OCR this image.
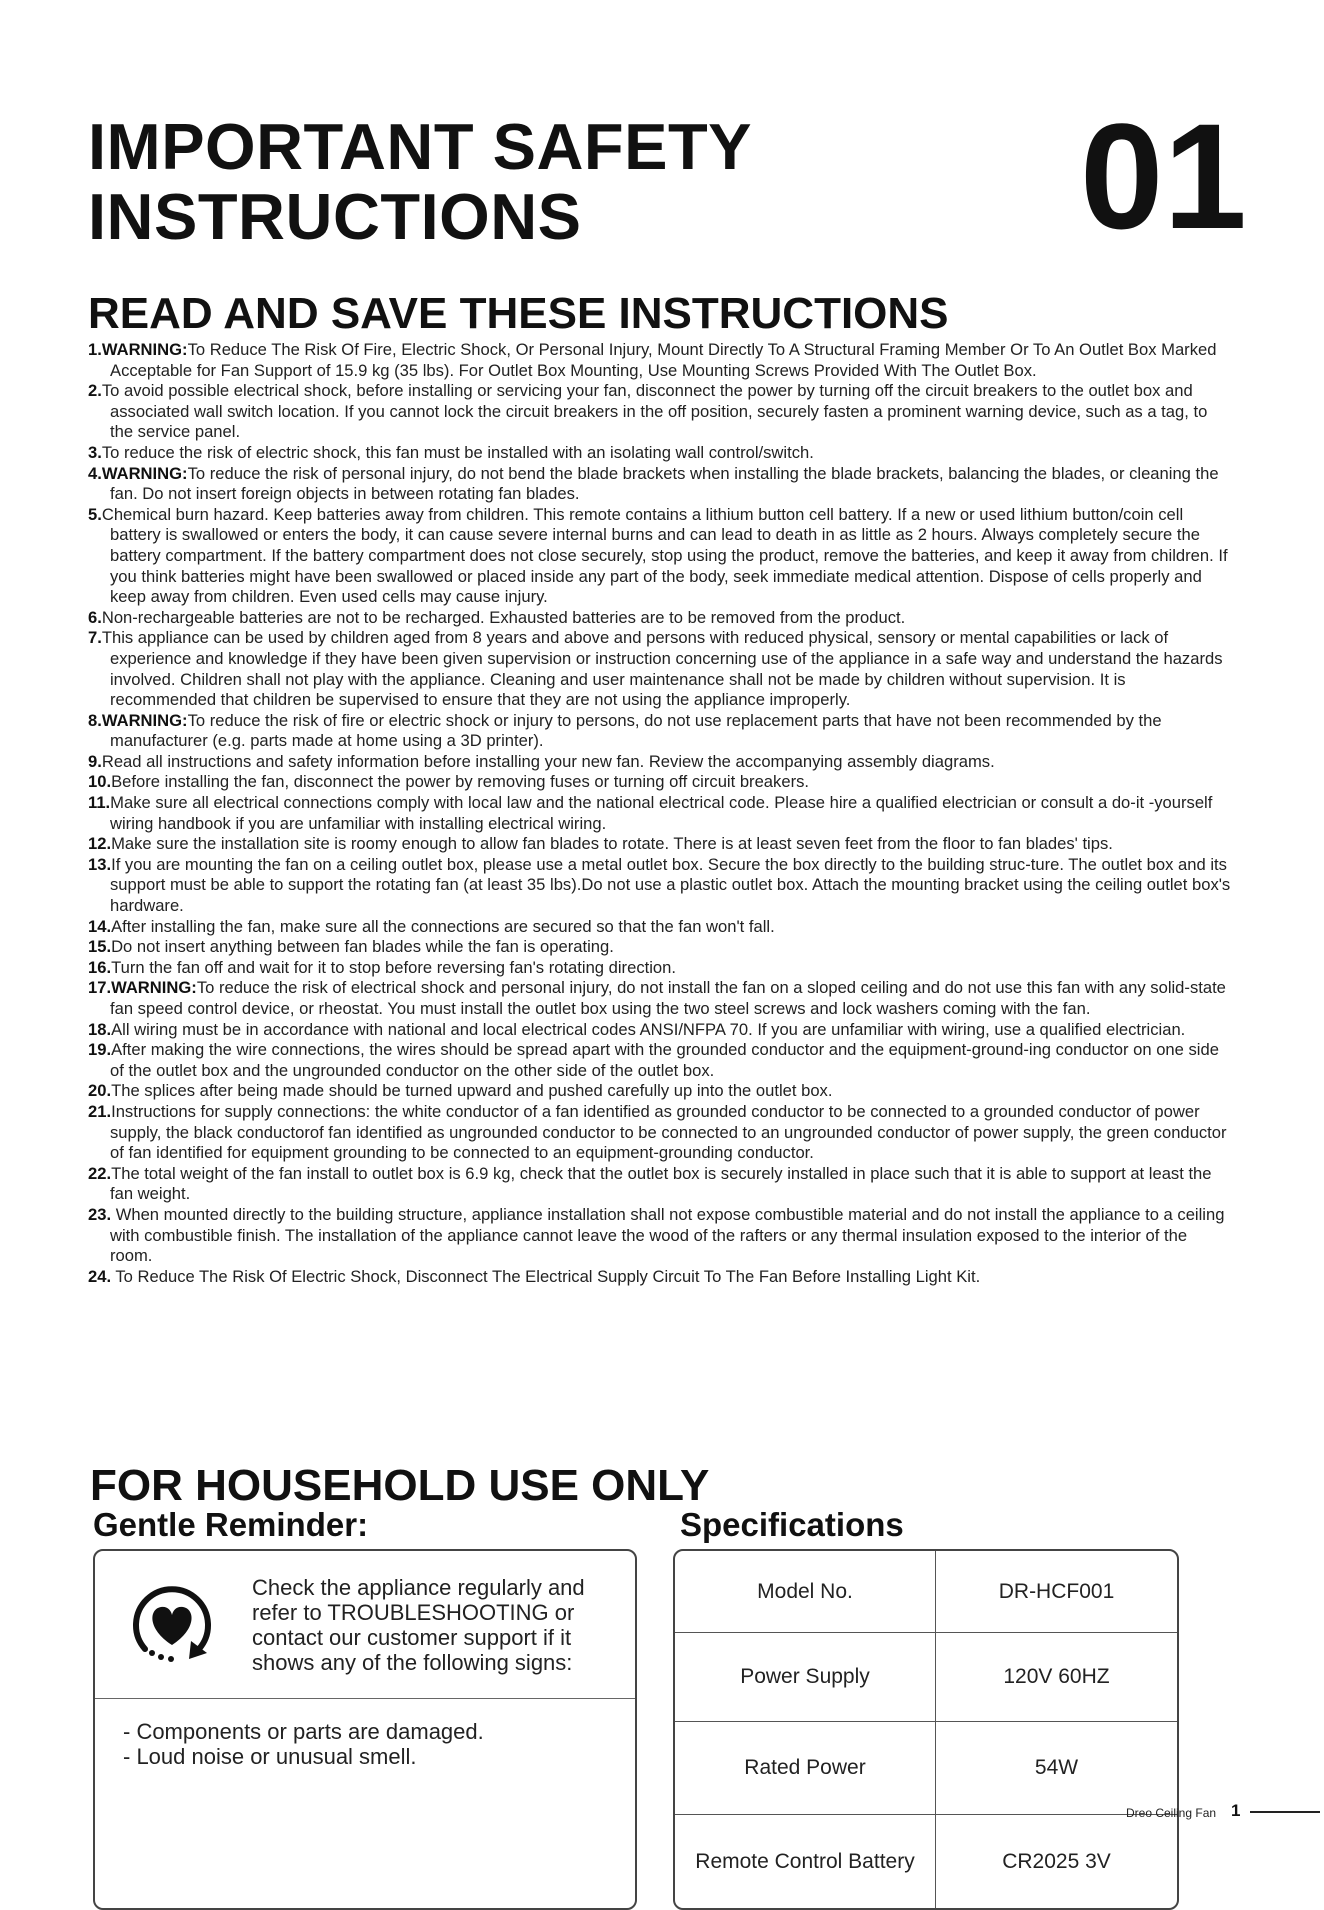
IMPORTANT SAFETY
INSTRUCTIONS	01
READ AND SAVE THESE INSTRUCTIONS
1.WARNING:To Reduce The Risk Of Fire, Electric Shock, Or Personal Injury, Mount Directly To A Structural Framing Member Or To An Outlet Box Marked Acceptable for Fan Support of 15.9 kg (35 lbs). For Outlet Box Mounting, Use Mounting Screws Provided With The Outlet Box.
2.To avoid possible electrical shock, before installing or servicing your fan, disconnect the power by turning off the circuit breakers to the outlet box and associated wall switch location. If you cannot lock the circuit breakers in the off position, securely fasten a prominent warning device, such as a tag, to the service panel.
3.To reduce the risk of electric shock, this fan must be installed with an isolating wall control/switch.
4.WARNING:To reduce the risk of personal injury, do not bend the blade brackets when installing the blade brackets, balancing the blades, or cleaning the fan. Do not insert foreign objects in between rotating fan blades.
5.Chemical burn hazard. Keep batteries away from children. This remote contains a lithium button cell battery. If a new or used lithium button/coin cell battery is swallowed or enters the body, it can cause severe internal burns and can lead to death in as little as 2 hours. Always completely secure the battery compartment. If the battery compartment does not close securely, stop using the product, remove the batteries, and keep it away from children. If you think batteries might have been swallowed or placed inside any part of the body, seek immediate medical attention. Dispose of cells properly and keep away from children. Even used cells may cause injury.
6.Non-rechargeable batteries are not to be recharged. Exhausted batteries are to be removed from the product.
7.This appliance can be used by children aged from 8 years and above and persons with reduced physical, sensory or mental capabilities or lack of experience and knowledge if they have been given supervision or instruction concerning use of the appliance in a safe way and understand the hazards involved. Children shall not play with the appliance. Cleaning and user maintenance shall not be made by children without supervision. It is recommended that children be supervised to ensure that they are not using the appliance improperly.
8.WARNING:To reduce the risk of fire or electric shock or injury to persons, do not use replacement parts that have not been recommended by the manufacturer (e.g. parts made at home using a 3D printer).
9.Read all instructions and safety information before installing your new fan. Review the accompanying assembly diagrams.
10.Before installing the fan, disconnect the power by removing fuses or turning off circuit breakers.
11.Make sure all electrical connections comply with local law and the national electrical code. Please hire a qualified electrician or consult a do-it -yourself wiring handbook if you are unfamiliar with installing electrical wiring.
12.Make sure the installation site is roomy enough to allow fan blades to rotate. There is at least seven feet from the floor to fan blades' tips.
13.If you are mounting the fan on a ceiling outlet box, please use a metal outlet box. Secure the box directly to the building struc-ture. The outlet box and its support must be able to support the rotating fan (at least 35 lbs).Do not use a plastic outlet box. Attach the mounting bracket using the ceiling outlet box's hardware.
14.After installing the fan, make sure all the connections are secured so that the fan won't fall.
15.Do not insert anything between fan blades while the fan is operating.
16.Turn the fan off and wait for it to stop before reversing fan's rotating direction.
17.WARNING:To reduce the risk of electrical shock and personal injury, do not install the fan on a sloped ceiling and do not use this fan with any solid-state fan speed control device, or rheostat. You must install the outlet box using the two steel screws and lock washers coming with the fan.
18.All wiring must be in accordance with national and local electrical codes ANSI/NFPA 70. If you are unfamiliar with wiring, use a qualified electrician.
19.After making the wire connections, the wires should be spread apart with the grounded conductor and the equipment-ground-ing conductor on one side of the outlet box and the ungrounded conductor on the other side of the outlet box.
20.The splices after being made should be turned upward and pushed carefully up into the outlet box.
21.Instructions for supply connections: the white conductor of a fan identified as grounded conductor to be connected to a grounded conductor of power supply, the black conductorof fan identified as ungrounded conductor to be connected to an ungrounded conductor of power supply, the green conductor of fan identified for equipment grounding to be connected to an equipment-grounding conductor.
22.The total weight of the fan install to outlet box is 6.9 kg, check that the outlet box is securely installed in place such that it is able to support at least the fan weight.
23. When mounted directly to the building structure, appliance installation shall not expose combustible material and do not install the appliance to a ceiling with combustible finish. The installation of the appliance cannot leave the wood of the rafters or any thermal insulation exposed to the interior of the room.
24. To Reduce The Risk Of Electric Shock, Disconnect The Electrical Supply Circuit To The Fan Before Installing Light Kit.
FOR HOUSEHOLD USE ONLY
Gentle Reminder:	Specifications
Check the appliance regularly and refer to TROUBLESHOOTING or contact our customer support if it shows any of the following signs:
- Components or parts are damaged.
- Loud noise or unusual smell.
Model No.	DR-HCF001
Power Supply	120V 60HZ
Rated Power	54W
Remote Control Battery	CR2025 3V
Dreo Ceiling Fan 1
